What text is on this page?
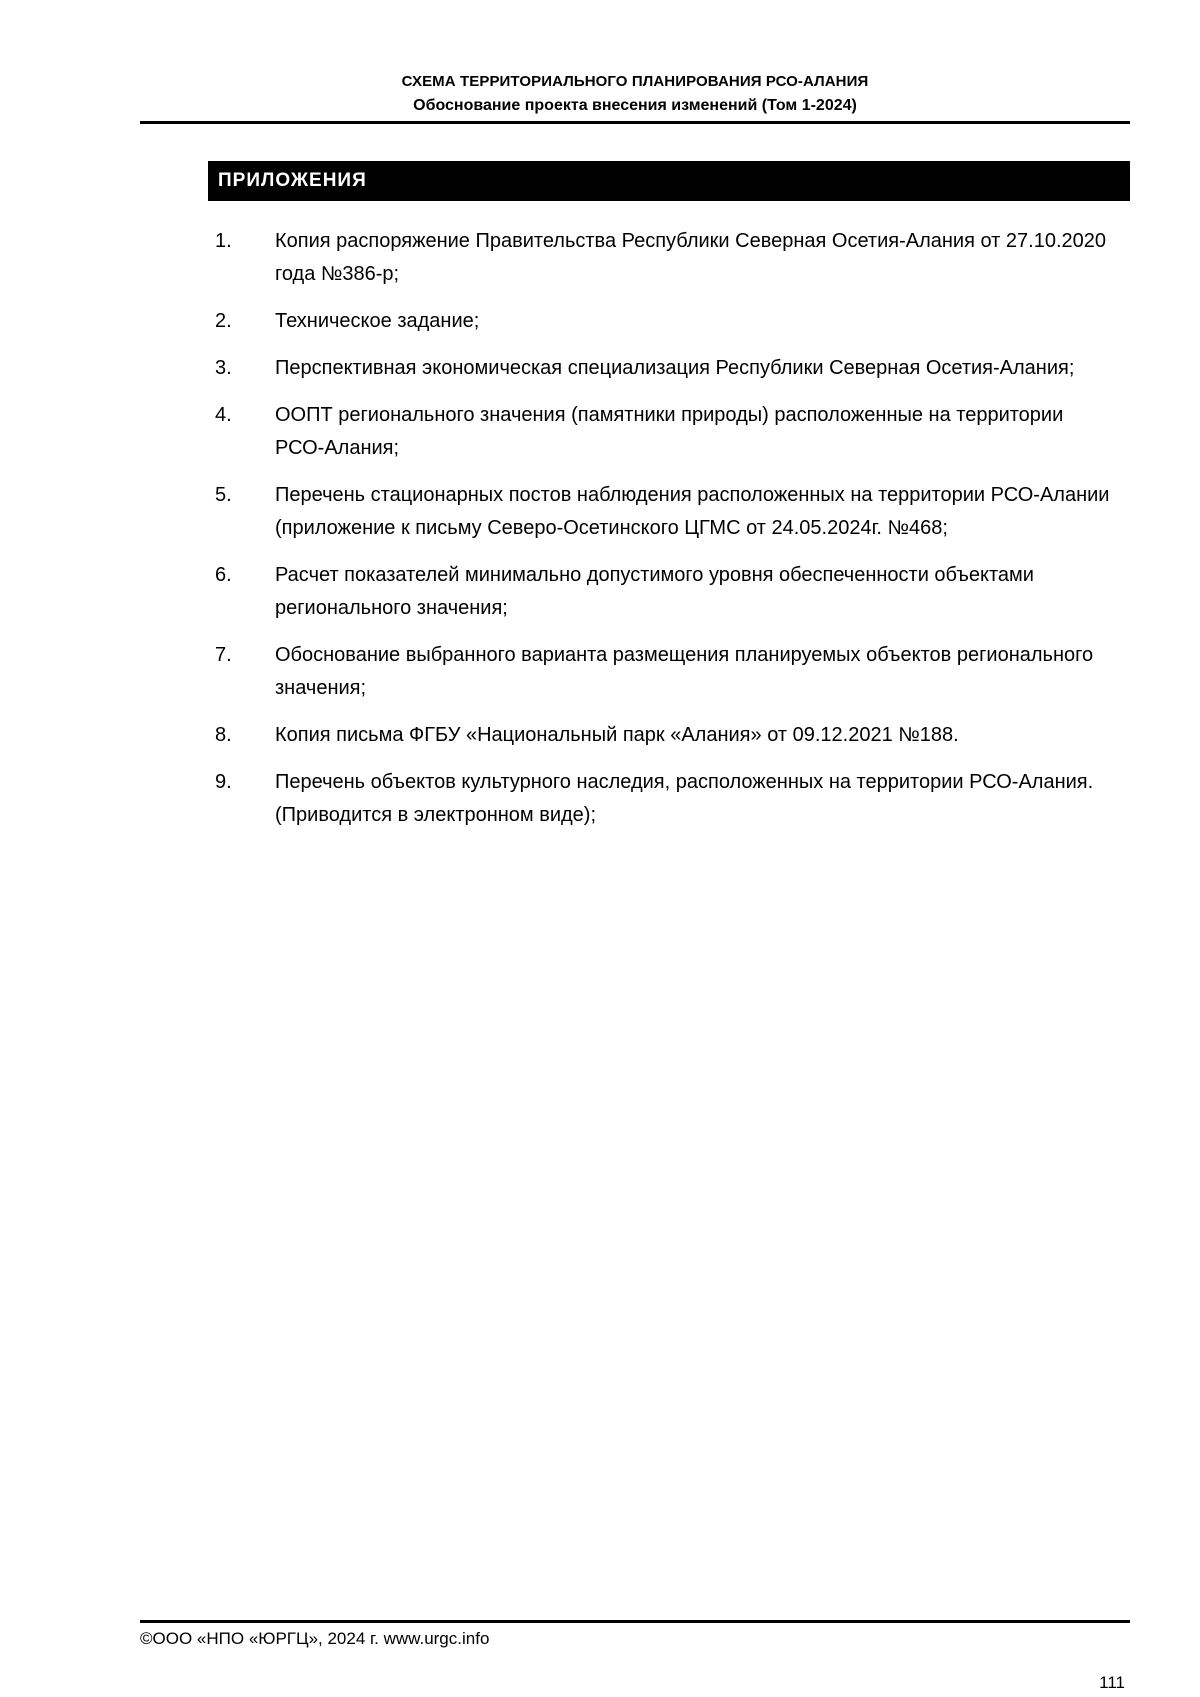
СХЕМА ТЕРРИТОРИАЛЬНОГО ПЛАНИРОВАНИЯ РСО-АЛАНИЯ
Обоснование проекта внесения изменений (Том 1-2024)
ПРИЛОЖЕНИЯ
1.	Копия распоряжение Правительства Республики Северная Осетия-Алания от 27.10.2020 года №386-р;
2.	Техническое задание;
3.	Перспективная экономическая специализация Республики Северная Осетия-Алания;
4.	ООПТ регионального значения (памятники природы) расположенные на территории РСО-Алания;
5.	Перечень стационарных постов наблюдения расположенных на территории РСО-Алании (приложение к письму Северо-Осетинского ЦГМС от 24.05.2024г. №468;
6.	Расчет показателей минимально допустимого уровня обеспеченности объектами регионального значения;
7.	Обоснование выбранного варианта размещения планируемых объектов регионального значения;
8.	Копия письма ФГБУ «Национальный парк «Алания» от 09.12.2021 №188.
9.	Перечень объектов культурного наследия, расположенных на территории РСО-Алания. (Приводится в электронном виде);
©ООО «НПО «ЮРГЦ», 2024 г. www.urgc.info
111
